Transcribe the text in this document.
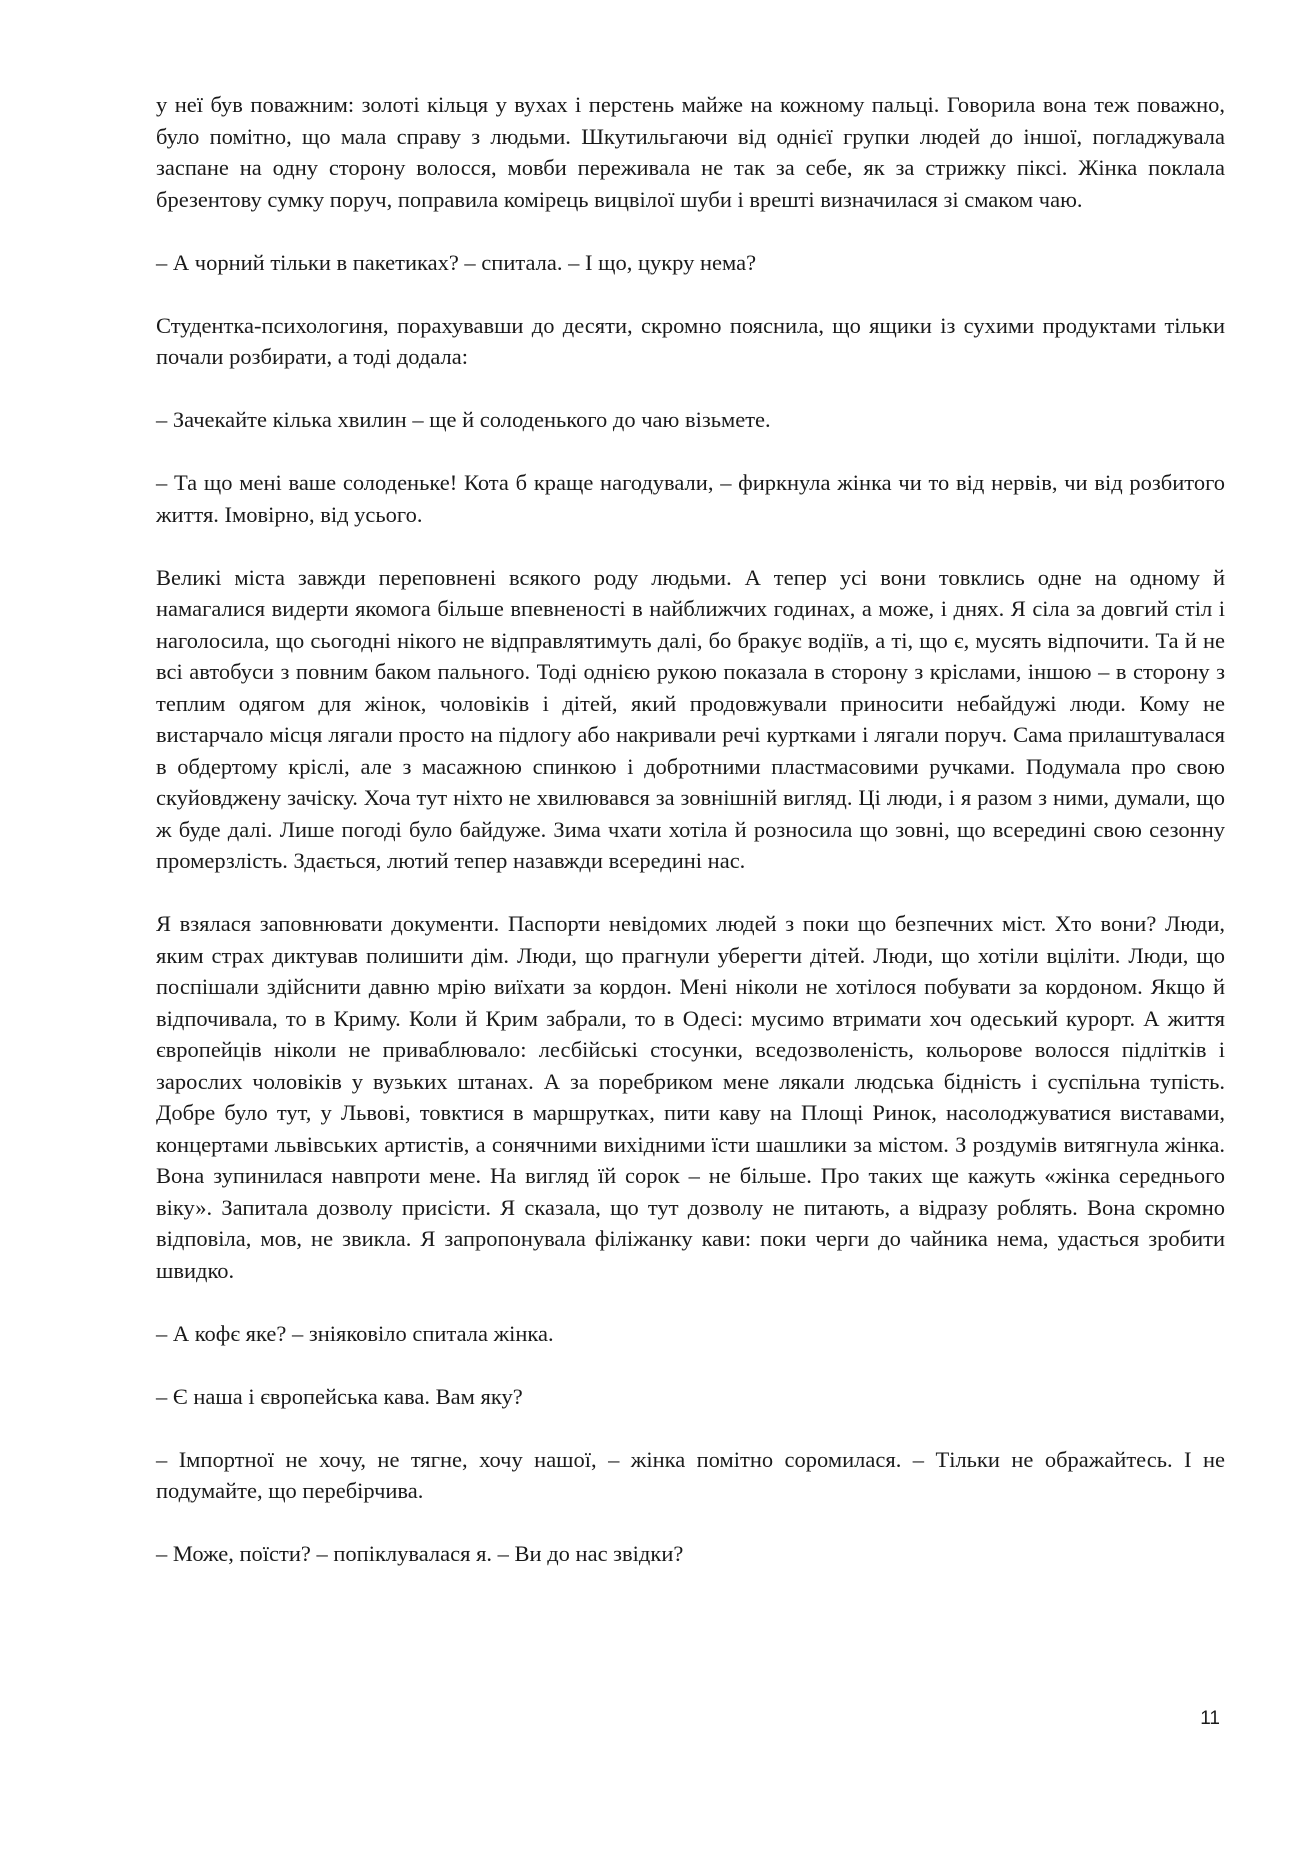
у неї був поважним: золоті кільця у вухах і перстень майже на кожному пальці. Говорила вона теж поважно, було помітно, що мала справу з людьми. Шкутильгаючи від однієї групки людей до іншої, погладжувала заспане на одну сторону волосся, мовби переживала не так за себе, як за стрижку піксі. Жінка поклала брезентову сумку поруч, поправила комірець вицвілої шуби і врешті визначилася зі смаком чаю.

– А чорний тільки в пакетиках? – спитала. – І що, цукру нема?

Студентка-психологиня, порахувавши до десяти, скромно пояснила, що ящики із сухими продуктами тільки почали розбирати, а тоді додала:

– Зачекайте кілька хвилин – ще й солоденького до чаю візьмете.

– Та що мені ваше солоденьке! Кота б краще нагодували, – фиркнула жінка чи то від нервів, чи від розбитого життя. Імовірно, від усього.

Великі міста завжди переповнені всякого роду людьми. А тепер усі вони товклись одне на одному й намагалися видерти якомога більше впевненості в найближчих годинах, а може, і днях. Я сіла за довгий стіл і наголосила, що сьогодні нікого не відправлятимуть далі, бо бракує водіїв, а ті, що є, мусять відпочити. Та й не всі автобуси з повним баком пального. Тоді однією рукою показала в сторону з кріслами, іншою – в сторону з теплим одягом для жінок, чоловіків і дітей, який продовжували приносити небайдужі люди. Кому не вистарчало місця лягали просто на підлогу або накривали речі куртками і лягали поруч. Сама прилаштувалася в обдертому кріслі, але з масажною спинкою і добротними пластмасовими ручками. Подумала про свою скуйовджену зачіску. Хоча тут ніхто не хвилювався за зовнішній вигляд. Ці люди, і я разом з ними, думали, що ж буде далі. Лише погоді було байдуже. Зима чхати хотіла й розносила що зовні, що всередині свою сезонну промерзлість. Здається, лютий тепер назавжди всередині нас.

Я взялася заповнювати документи. Паспорти невідомих людей з поки що безпечних міст. Хто вони? Люди, яким страх диктував полишити дім. Люди, що прагнули уберегти дітей. Люди, що хотіли вціліти. Люди, що поспішали здійснити давню мрію виїхати за кордон. Мені ніколи не хотілося побувати за кордоном. Якщо й відпочивала, то в Криму. Коли й Крим забрали, то в Одесі: мусимо втримати хоч одеський курорт. А життя європейців ніколи не приваблювало: лесбійські стосунки, вседозволеність, кольорове волосся підлітків і зарослих чоловіків у вузьких штанах. А за поребриком мене лякали людська бідність і суспільна тупість. Добре було тут, у Львові, товктися в маршрутках, пити каву на Площі Ринок, насолоджуватися виставами, концертами львівських артистів, а сонячними вихідними їсти шашлики за містом. З роздумів витягнула жінка. Вона зупинилася навпроти мене. На вигляд їй сорок – не більше. Про таких ще кажуть «жінка середнього віку». Запитала дозволу присісти. Я сказала, що тут дозволу не питають, а відразу роблять. Вона скромно відповіла, мов, не звикла. Я запропонувала філіжанку кави: поки черги до чайника нема, удасться зробити швидко.

– А кофє яке? – зніяковіло спитала жінка.

– Є наша і європейська кава. Вам яку?

– Імпортної не хочу, не тягне, хочу нашої, – жінка помітно соромилася. – Тільки не ображайтесь. І не подумайте, що перебірчива.

– Може, поїсти? – попіклувалася я. – Ви до нас звідки?

11
